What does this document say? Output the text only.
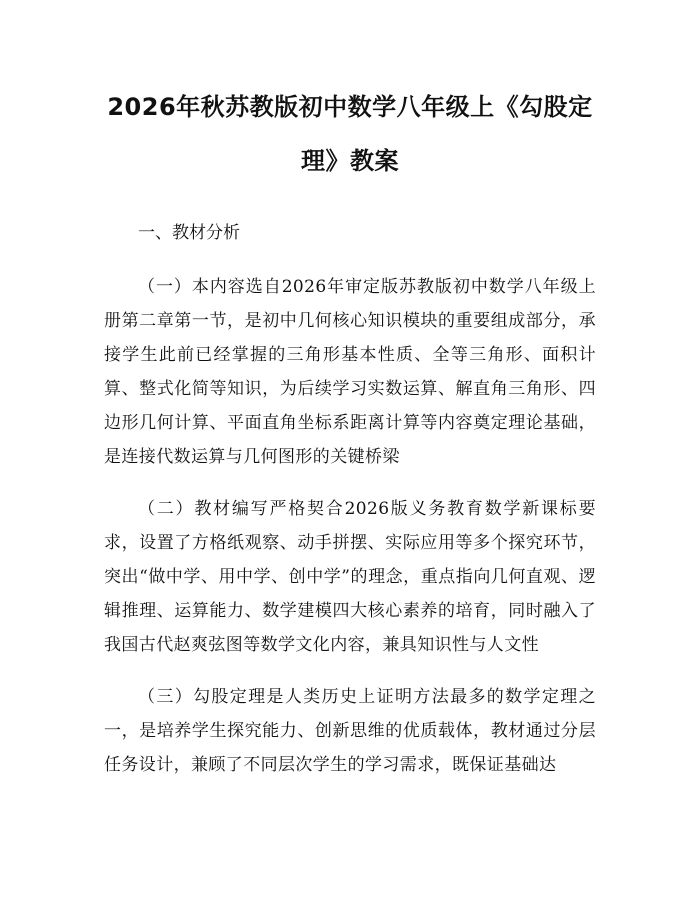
2026年秋苏教版初中数学八年级上《勾股定理》教案

一、教材分析

（一）本内容选自2026年审定版苏教版初中数学八年级上册第二章第一节，是初中几何核心知识模块的重要组成部分，承接学生此前已经掌握的三角形基本性质、全等三角形、面积计算、整式化简等知识，为后续学习实数运算、解直角三角形、四边形几何计算、平面直角坐标系距离计算等内容奠定理论基础，是连接代数运算与几何图形的关键桥梁

（二）教材编写严格契合2026版义务教育数学新课标要求，设置了方格纸观察、动手拼摆、实际应用等多个探究环节，突出“做中学、用中学、创中学”的理念，重点指向几何直观、逻辑推理、运算能力、数学建模四大核心素养的培育，同时融入了我国古代赵爽弦图等数学文化内容，兼具知识性与人文性

（三）勾股定理是人类历史上证明方法最多的数学定理之一，是培养学生探究能力、创新思维的优质载体，教材通过分层任务设计，兼顾了不同层次学生的学习需求，既保证基础达
